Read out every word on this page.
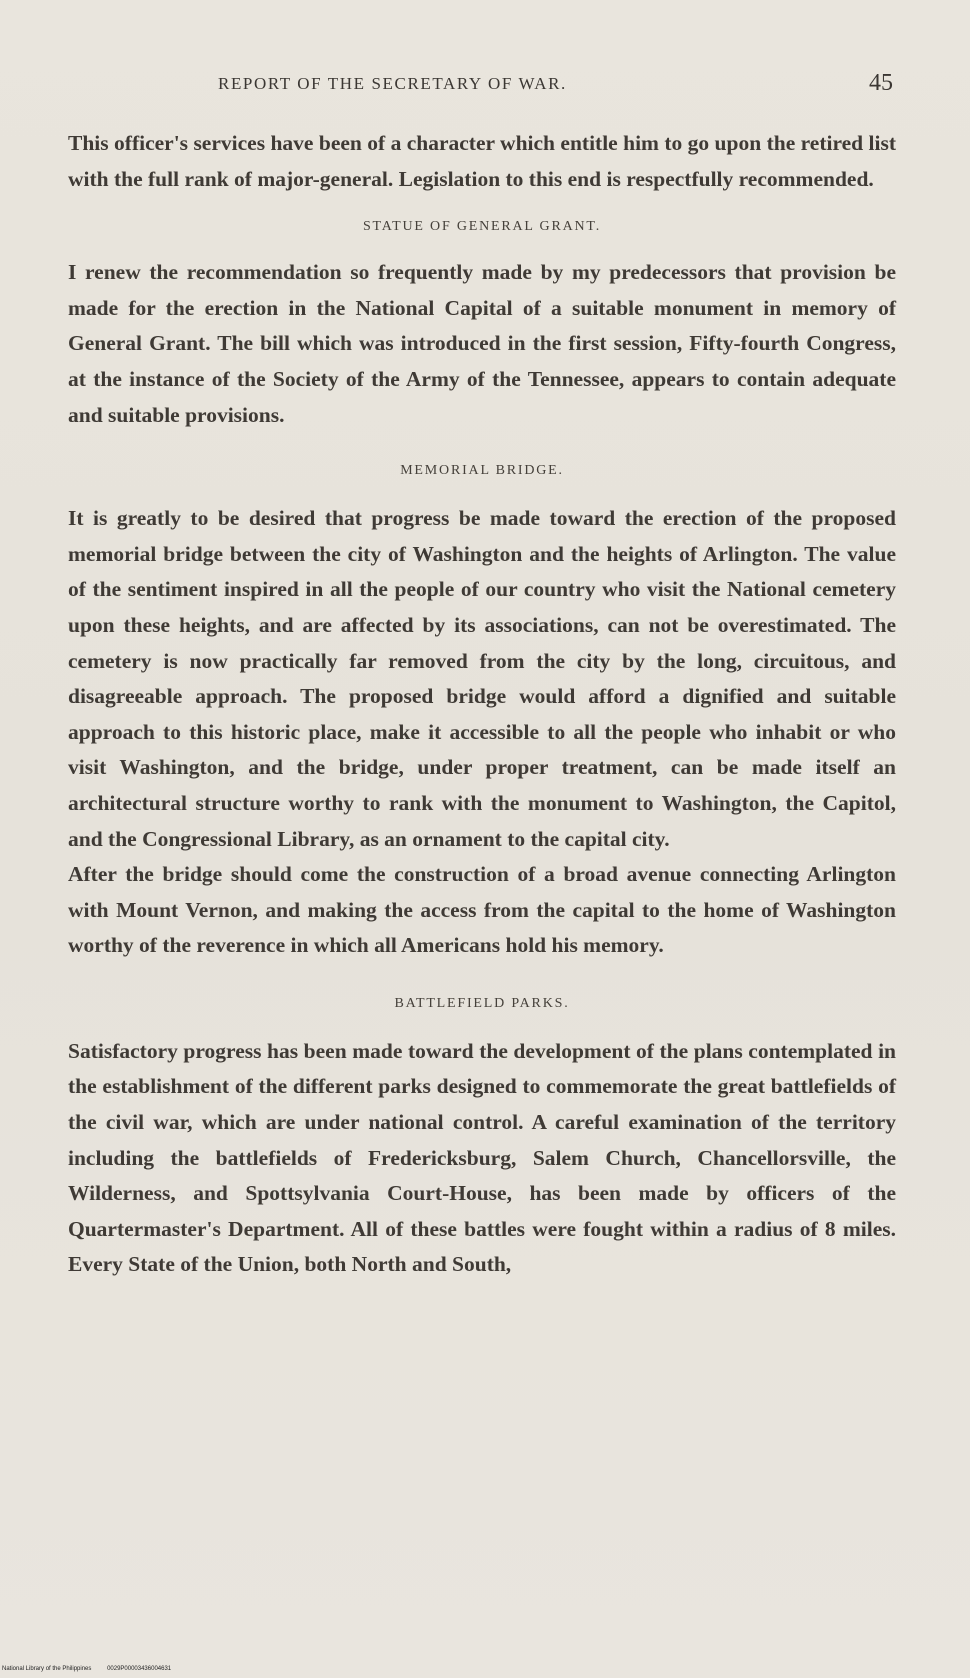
REPORT OF THE SECRETARY OF WAR.	45

This officer's services have been of a character which entitle him to go upon the retired list with the full rank of major-general. Legislation to this end is respectfully recommended.

STATUE OF GENERAL GRANT.

I renew the recommendation so frequently made by my predecessors that provision be made for the erection in the National Capital of a suitable monument in memory of General Grant. The bill which was introduced in the first session, Fifty-fourth Congress, at the instance of the Society of the Army of the Tennessee, appears to contain adequate and suitable provisions.

MEMORIAL BRIDGE.

It is greatly to be desired that progress be made toward the erection of the proposed memorial bridge between the city of Washington and the heights of Arlington. The value of the sentiment inspired in all the people of our country who visit the National cemetery upon these heights, and are affected by its associations, can not be overestimated. The cemetery is now practically far removed from the city by the long, circuitous, and disagreeable approach. The proposed bridge would afford a dignified and suitable approach to this historic place, make it accessible to all the people who inhabit or who visit Washington, and the bridge, under proper treatment, can be made itself an architectural structure worthy to rank with the monument to Washington, the Capitol, and the Congressional Library, as an ornament to the capital city.

After the bridge should come the construction of a broad avenue connecting Arlington with Mount Vernon, and making the access from the capital to the home of Washington worthy of the reverence in which all Americans hold his memory.

BATTLEFIELD PARKS.

Satisfactory progress has been made toward the development of the plans contemplated in the establishment of the different parks designed to commemorate the great battlefields of the civil war, which are under national control. A careful examination of the territory including the battlefields of Fredericksburg, Salem Church, Chancellorsville, the Wilderness, and Spottsylvania Court-House, has been made by officers of the Quartermaster's Department. All of these battles were fought within a radius of 8 miles. Every State of the Union, both North and South,

National Library of the Philippines	0029P00003436004631
